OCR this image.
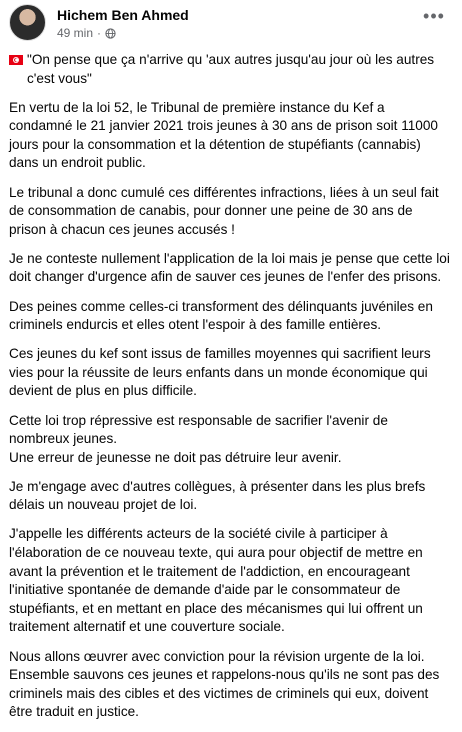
Hichem Ben Ahmed
49 min ·
•••
"On pense que ça n'arrive qu 'aux autres jusqu'au jour où les autres c'est vous"

En vertu de la loi 52, le Tribunal de première instance du Kef a condamné le 21 janvier 2021 trois jeunes à 30 ans de prison soit 11000 jours pour la consommation et la détention de stupéfiants (cannabis) dans un endroit public.

Le tribunal a donc cumulé ces différentes infractions, liées à un seul fait de consommation de canabis, pour donner une peine de 30 ans de prison à chacun ces jeunes accusés !

Je ne conteste nullement l'application de la loi mais je pense que cette loi doit changer d'urgence afin de sauver ces jeunes de l'enfer des prisons.

Des peines comme celles-ci transforment des délinquants juvéniles en criminels endurcis et elles otent l'espoir à des famille entières.

Ces jeunes du kef sont issus de familles moyennes qui sacrifient leurs vies pour la réussite de leurs enfants dans un monde économique qui devient de plus en plus difficile.

Cette loi trop répressive est responsable de sacrifier l'avenir de nombreux jeunes.
Une erreur de jeunesse ne doit pas détruire leur avenir.

Je m'engage avec d'autres collègues, à présenter dans les plus brefs délais un nouveau projet de loi.

J'appelle les différents acteurs de la société civile à participer à l'élaboration de ce nouveau texte, qui aura pour objectif de mettre en avant la prévention et le traitement de l'addiction, en encourageant l'initiative spontanée de demande d'aide par le consommateur de stupéfiants, et en mettant en place des mécanismes qui lui offrent un traitement alternatif et une couverture sociale.

Nous allons œuvrer avec conviction pour la révision urgente de la loi.
Ensemble sauvons ces jeunes et rappelons-nous qu'ils ne sont pas des criminels mais des cibles et des victimes de criminels qui eux, doivent être traduit en justice.
